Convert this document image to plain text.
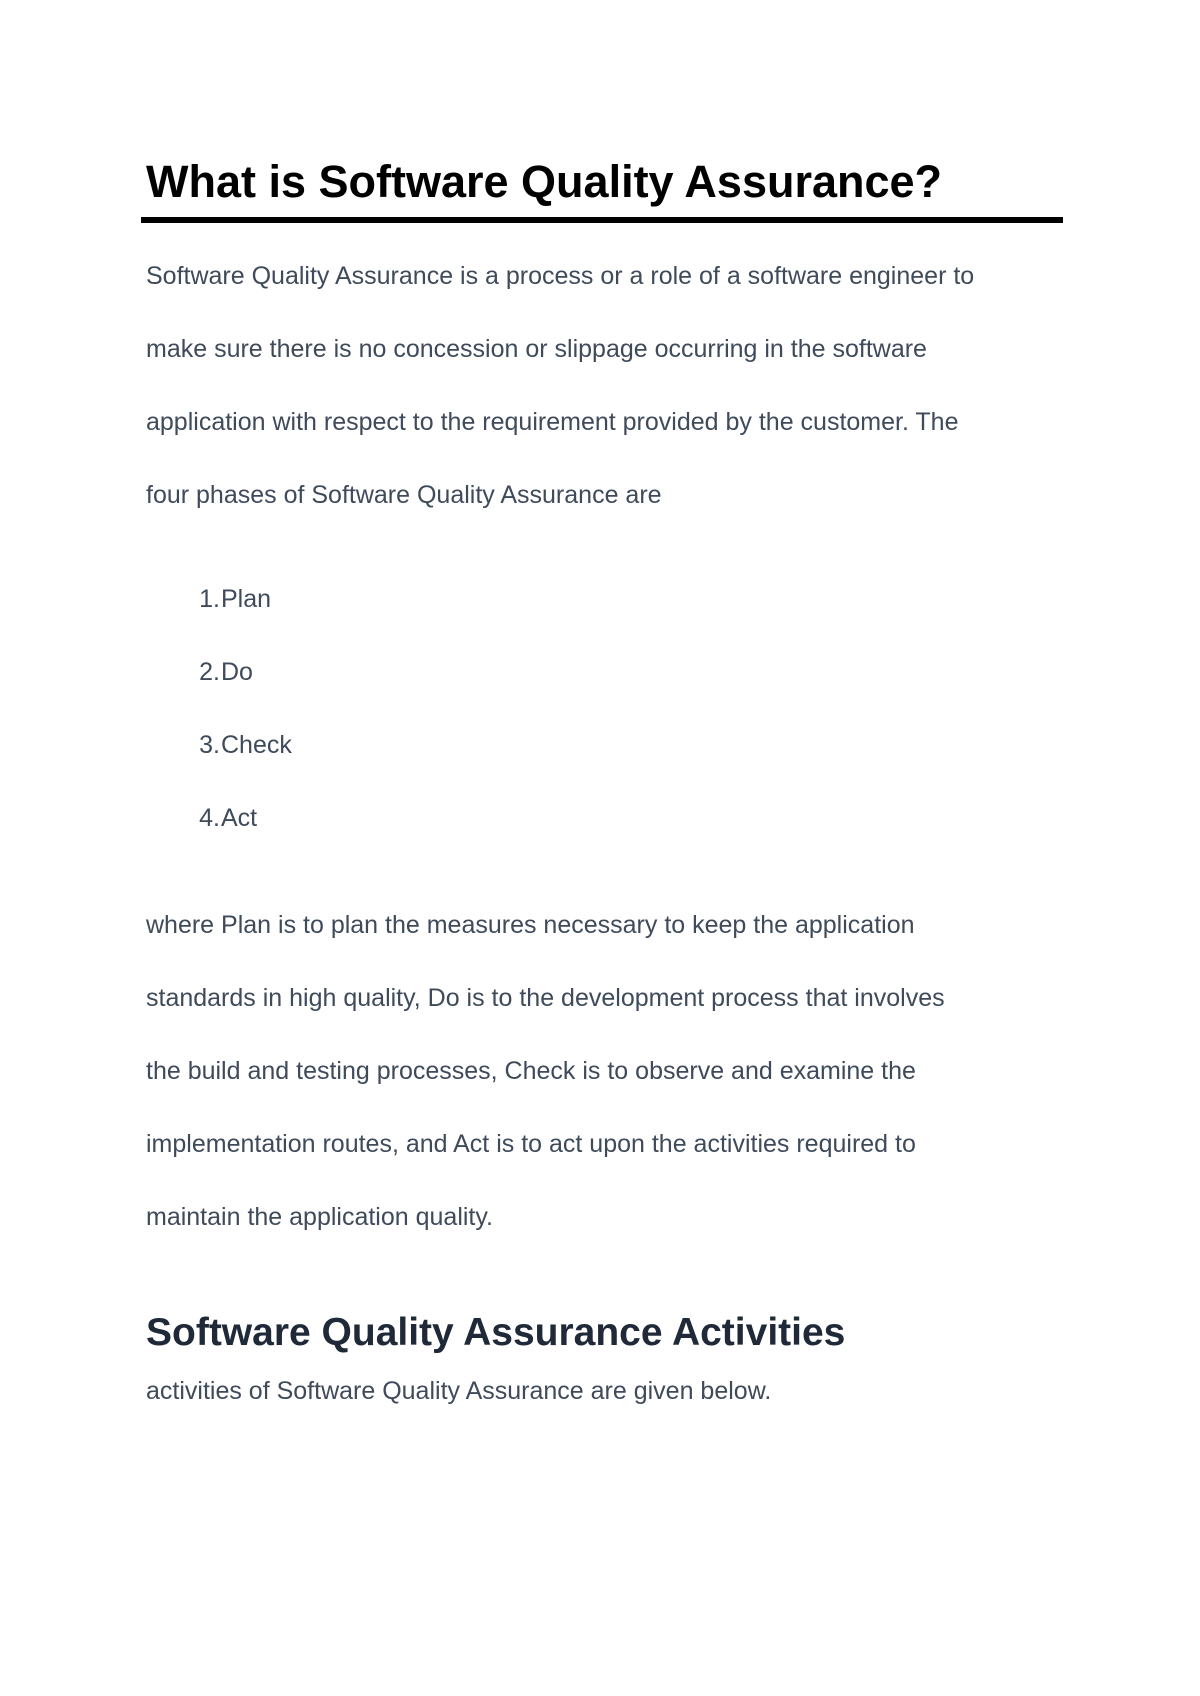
What is Software Quality Assurance?

Software Quality Assurance is a process or a role of a software engineer to
make sure there is no concession or slippage occurring in the software
application with respect to the requirement provided by the customer. The
four phases of Software Quality Assurance are

1. Plan
2. Do
3. Check
4. Act

where Plan is to plan the measures necessary to keep the application
standards in high quality, Do is to the development process that involves
the build and testing processes, Check is to observe and examine the
implementation routes, and Act is to act upon the activities required to
maintain the application quality.

Software Quality Assurance Activities

activities of Software Quality Assurance are given below.
